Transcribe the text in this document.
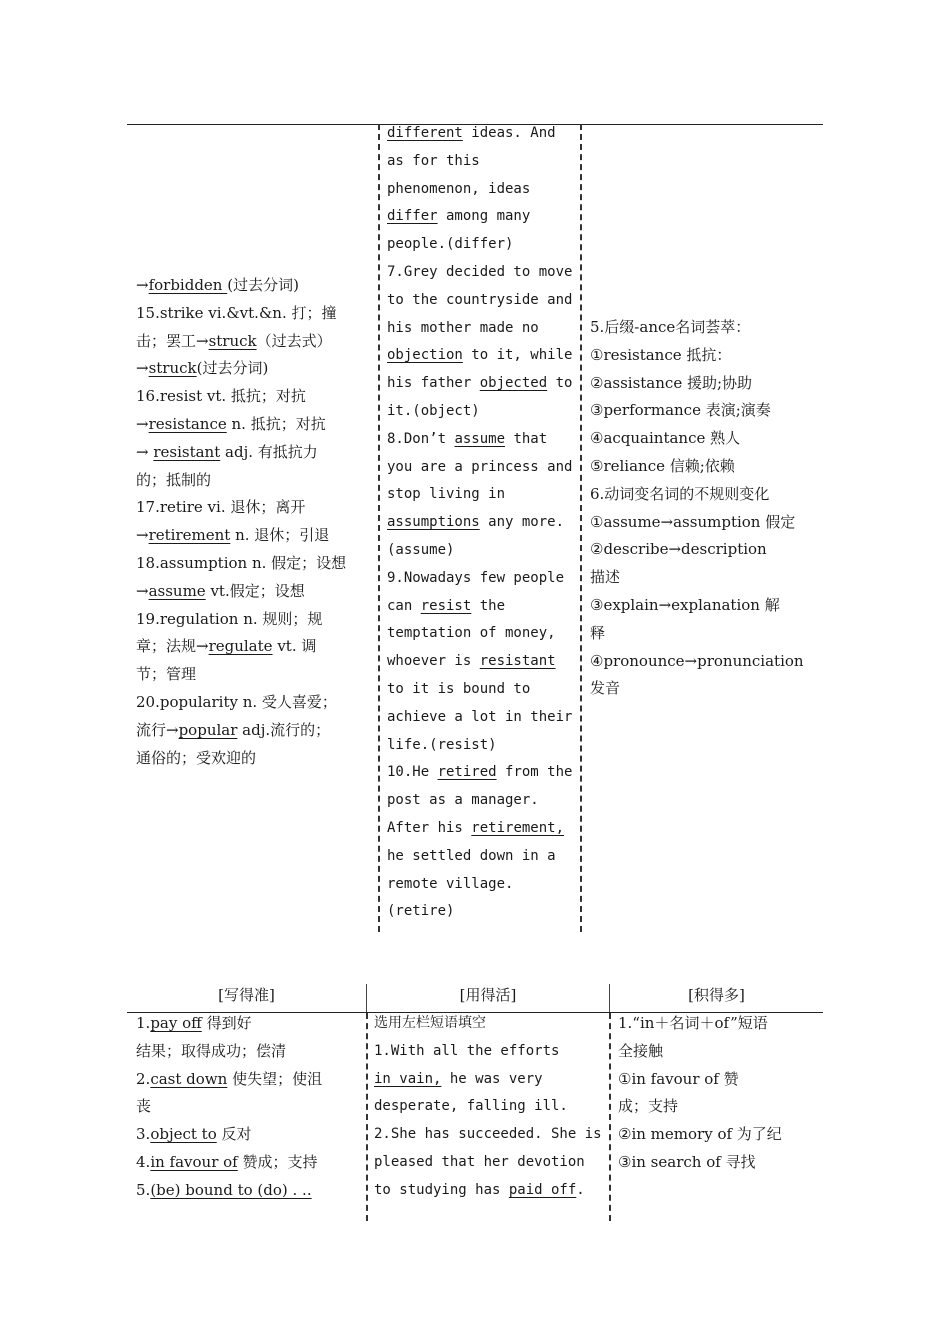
→forbidden (过去分词)
15.strike vi.&vt.&n. 打；撞
击；罢工→struck（过去式）
→struck(过去分词)
16.resist vt. 抵抗；对抗
→resistance n. 抵抗；对抗
→ resistant adj. 有抵抗力
的；抵制的
17.retire vi. 退休；离开
→retirement n. 退休；引退
18.assumption n. 假定；设想
→assume vt.假定；设想
19.regulation n. 规则；规
章；法规→regulate vt. 调
节；管理
20.popularity n. 受人喜爱；
流行→popular adj.流行的；
通俗的；受欢迎的
different ideas. And
as for this
phenomenon, ideas
differ among many
people.(differ)
7.Grey decided to move
to the countryside and
his mother made no
objection to it, while
his father objected to
it.(object)
8.Don’t assume that
you are a princess and
stop living in
assumptions any more.
(assume)
9.Nowadays few people
can resist the
temptation of money,
whoever is resistant
to it is bound to
achieve a lot in their
life.(resist)
10.He retired from the
post as a manager.
After his retirement,
he settled down in a
remote village.
(retire)
5.后缀-ance名词荟萃：
①resistance 抵抗：
②assistance 援助;协助
③performance 表演;演奏
④acquaintance 熟人
⑤reliance 信赖;依赖
6.动词变名词的不规则变化
①assume→assumption 假定
②describe→description
描述
③explain→explanation 解
释
④pronounce→pronunciation
发音
[写得准]	[用得活]	[积得多]
1.pay off 得到好
结果；取得成功；偿清
2.cast down 使失望；使沮
丧
3.object to 反对
4.in favour of 赞成；支持
5.(be) bound to (do) . ..
选用左栏短语填空
1.With all the efforts
in vain, he was very
desperate, falling ill.
2.She has succeeded. She is
pleased that her devotion
to studying has paid off.
1.“in＋名词＋of”短语
全接触
①in favour of 赞
成；支持
②in memory of 为了纪
③in search of 寻找
